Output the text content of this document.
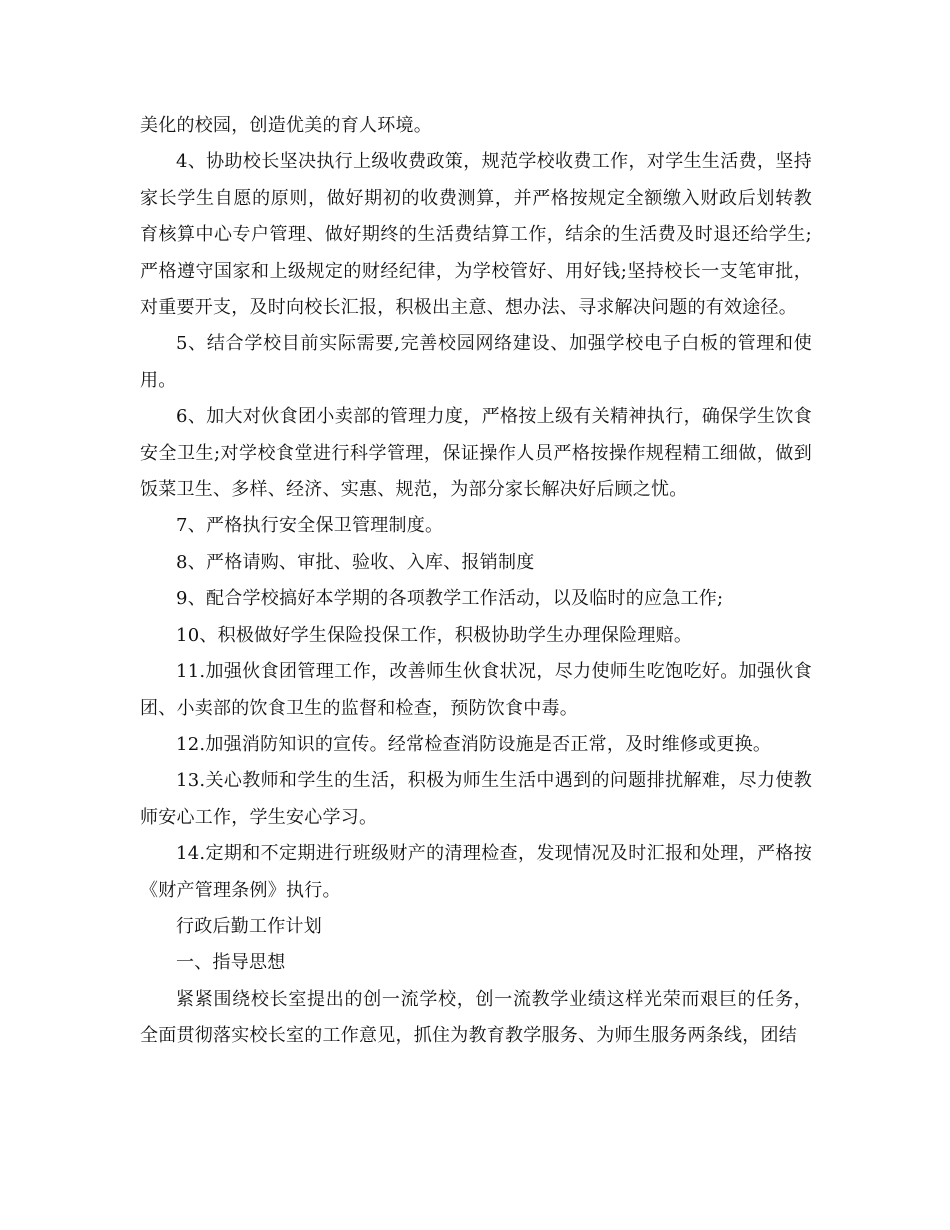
美化的校园，创造优美的育人环境。

4、协助校长坚决执行上级收费政策，规范学校收费工作，对学生生活费，坚持家长学生自愿的原则，做好期初的收费测算，并严格按规定全额缴入财政后划转教育核算中心专户管理、做好期终的生活费结算工作，结余的生活费及时退还给学生;严格遵守国家和上级规定的财经纪律，为学校管好、用好钱;坚持校长一支笔审批，对重要开支，及时向校长汇报，积极出主意、想办法、寻求解决问题的有效途径。

5、结合学校目前实际需要,完善校园网络建设、加强学校电子白板的管理和使用。

6、加大对伙食团小卖部的管理力度，严格按上级有关精神执行，确保学生饮食安全卫生;对学校食堂进行科学管理，保证操作人员严格按操作规程精工细做，做到饭菜卫生、多样、经济、实惠、规范，为部分家长解决好后顾之忧。

7、严格执行安全保卫管理制度。

8、严格请购、审批、验收、入库、报销制度

9、配合学校搞好本学期的各项教学工作活动，以及临时的应急工作;

10、积极做好学生保险投保工作，积极协助学生办理保险理赔。

11.加强伙食团管理工作，改善师生伙食状况，尽力使师生吃饱吃好。加强伙食团、小卖部的饮食卫生的监督和检查，预防饮食中毒。

12.加强消防知识的宣传。经常检查消防设施是否正常，及时维修或更换。

13.关心教师和学生的生活，积极为师生生活中遇到的问题排扰解难，尽力使教师安心工作，学生安心学习。

14.定期和不定期进行班级财产的清理检查，发现情况及时汇报和处理，严格按《财产管理条例》执行。

行政后勤工作计划

一、指导思想

紧紧围绕校长室提出的创一流学校，创一流教学业绩这样光荣而艰巨的任务，全面贯彻落实校长室的工作意见，抓住为教育教学服务、为师生服务两条线，团结
